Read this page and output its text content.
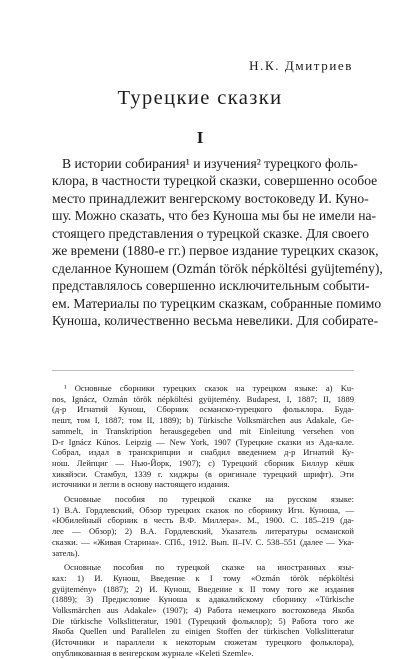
Н.К. Дмитриев

Турецкие сказки
I
В истории собирания¹ и изучения² турецкого фоль-
клора, в частности турецкой сказки, совершенно особое
место принадлежит венгерскому востоковеду И. Куно-
шу. Можно сказать, что без Куноша мы бы не имели на-
стоящего представления о турецкой сказке. Для своего
же времени (1880-е гг.) первое издание турецких сказок,
сделанное Куношем (Ozmán török népköltési gyüjtemény),
представлялось совершенно исключительным событи-
ем. Материалы по турецким сказкам, собранные помимо
Куноша, количественно весьма невелики. Для собирате-
¹ Основные сборники турецких сказок на турецком языке: а) Ku-
nos, Ignácz, Ozmán török népköltési gyüjtemény. Budapest, I, 1887; II, 1889
(д-р Игнатий Кунош, Сборник османско-турецкого фольклора. Буда-
пешт, том I, 1887; том II, 1889); b) Türkische Volksmärchen aus Adakale, Ge-
sammelt, in Transkription herausgegeben und mit Einleitung versehen von
D-r Ignácz Kúnos. Leipzig — New York, 1907 (Турецкие сказки из Ада-кале.
Собрал, издал в транскрипции и снабдил введением д-р Игнатий Ку-
нош. Лейпциг — Нью-Йорк, 1907); c) Турецкий сборник Биллур кёшк
хикяйэси. Стамбул, 1339 г. хиджры (в оригинале турецкий шрифт). Эти
источники и легли в основу настоящего издания.
Основные пособия по турецкой сказке на русском языке:
1) В.А. Гордлевский, Обзор турецких сказок по сборнику Игн. Куноша, —
«Юбилейный сборник в честь В.Ф. Миллера». М., 1900. С. 185–219 (да-
лее — Обзор); 2) В.А. Гордлевский, Указатель литературы османской
сказки. — «Живая Старина». СПб., 1912. Вып. II–IV. С. 538–551 (далее — Ука-
затель).
Основные пособия по турецкой сказке на иностранных язы-
ках: 1) И. Кунош, Введение к I тому «Ozmán török népköltési
gyüjtemény» (1887); 2) И. Кунош, Введение к II тому того же издания
(1889); 3) Предисловие Куноша к адакалийскому сборнику «Türkische
Volksmärchen aus Adakale» (1907); 4) Работа немецкого востоковеда Якоба
Die türkische Volkslitteratur, 1901 (Турецкий фольклор); 5) Работа того же
Якоба Quellen und Parallelen zu einigen Stoffen der türkischen Volkslitteratur
(Источники и параллели к некоторым сюжетам турецкого фольклора),
опубликованная в венгерском журнале «Keleti Szemle».
